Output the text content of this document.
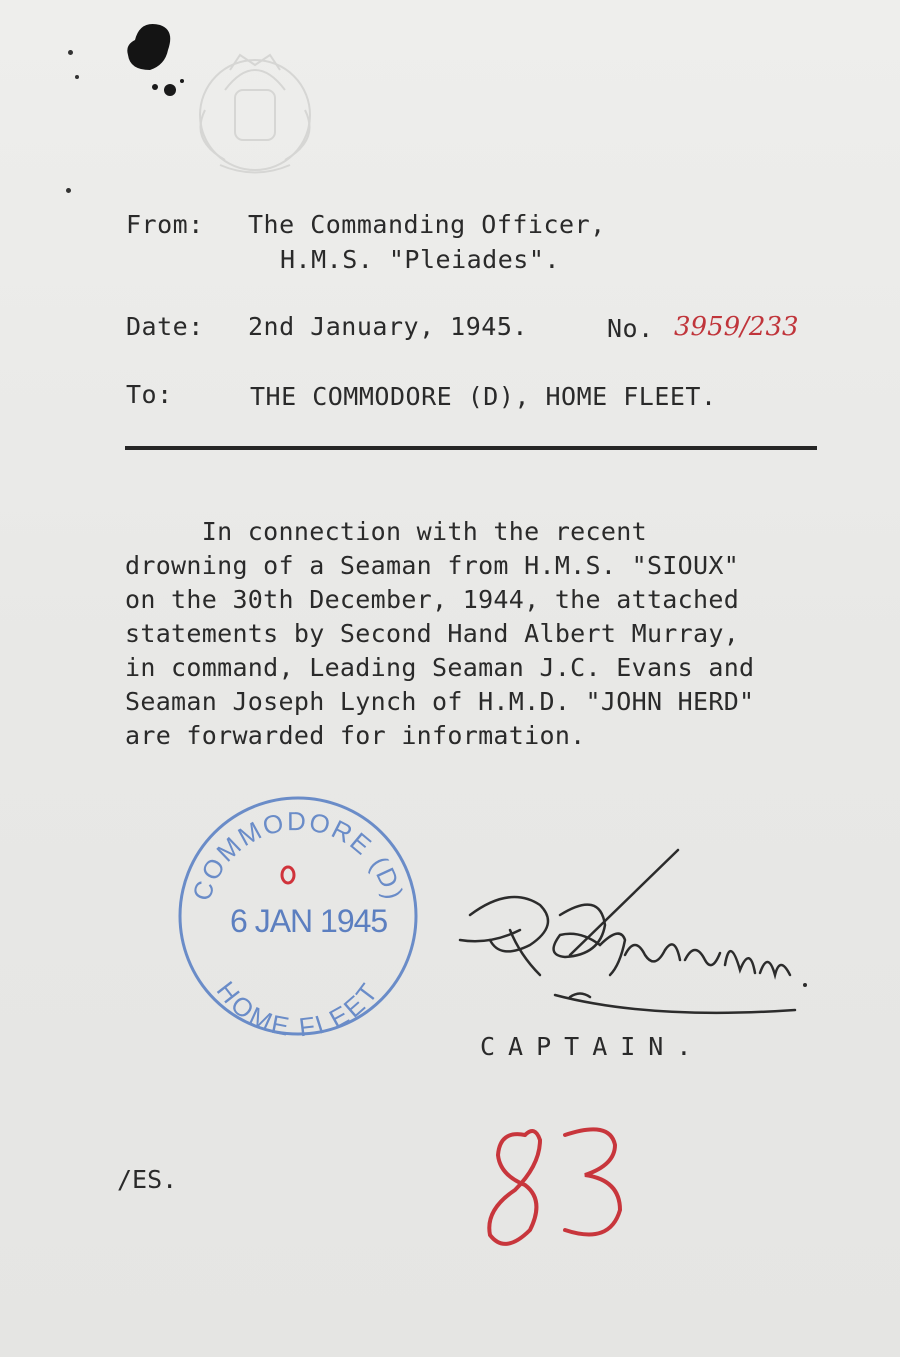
From: The Commanding Officer,
H.M.S. "Pleiades".
Date: 2nd January, 1945.	No. 3959/233
To:	THE COMMODORE (D), HOME FLEET.
In connection with the recent
drowning of a Seaman from H.M.S. "SIOUX"
on the 30th December, 1944, the attached
statements by Second Hand Albert Murray,
in command, Leading Seaman J.C. Evans and
Seaman Joseph Lynch of H.M.D. "JOHN HERD"
are forwarded for information.
COMMODORE (D)
HOME FLEET
6 JAN 1945
CAPTAIN.
/ES.
